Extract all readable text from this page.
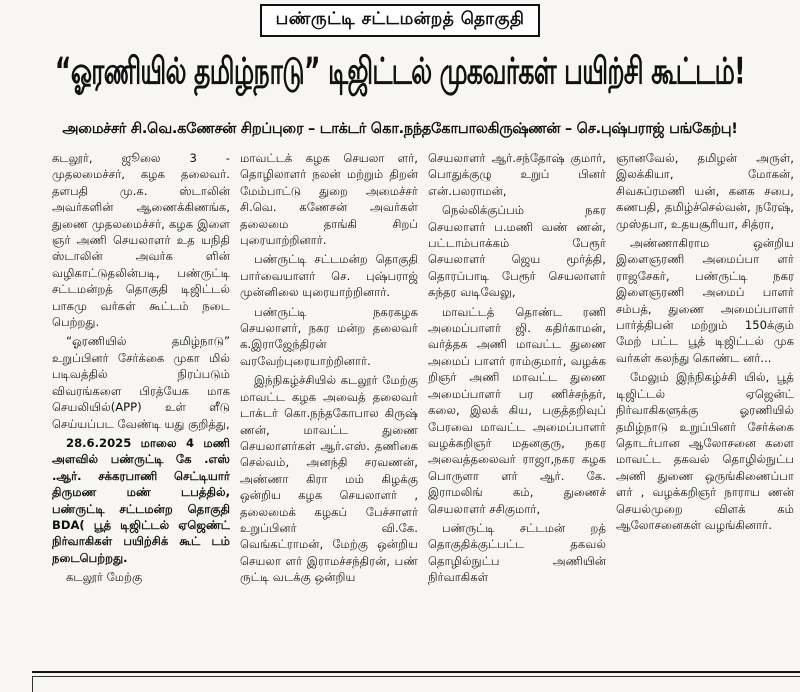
பண்ருட்டி சட்டமன்றத் தொகுதி
“ஓரணியில் தமிழ்நாடு” டிஜிட்டல் முகவர்கள் பயிற்சி கூட்டம்!
அமைச்சர் சி.வெ.கணேசன் சிறப்புரை – டாக்டர் கொ.நந்தகோபாலகிருஷ்ணன் – செ.புஷ்பராஜ் பங்கேற்பு!

கடலூர், ஜூலை 3 - முதலமைச்சர், கழக தலைவர். தளபதி மு.க. ஸ்டாலின் அவர்களின் ஆணைக்கிணங்க, துணை முதலமைச்சர், கழக இளை ஞர் அணி செயலாளர் உத யநிதி ஸ்டாலின் அவர்க ளின் வழிகாட்டுதலின்படி, பண்ருட்டி சட்டமன்றத் தொகுதி டிஜிட்டல் பாகமு வர்கள் கூட்டம் நடை பெற்றது.

“ஓரணியில் தமிழ்நாடு” உறுப்பினர் சேர்க்கை முகா மில் படிவத்தில் நிரப்படும் விவரங்களை பிரத்யேக மாக செயலியில்(APP) உள் ளீடு செய்யப்பட வேண்டி யது குறித்து,

28.6.2025 மாலை 4 மணி அளவில் பண்ருட்டி கே .எஸ் .ஆர். சக்கரபாணி செட்டியார் திருமண மண் டபத்தில், பண்ருட்டி சட்டமன்ற தொகுதி BDA( பூத் டிஜிட்டல் ஏஜெண்ட் நிர்வாகிகள் பயிற்சிக் கூட் டம் நடைபெற்றது.

கடலூர் மேற்கு

மாவட்டக் கழக செயலா ளர், தொழிலாளர் நலன் மற்றும் திறன் மேம்பாட்டு துறை அமைச்சர் சி.வெ. கணேசன் அவர்கள் தலைமை தாங்கி சிறப் புரையாற்றினார்.

பண்ருட்டி சட்டமன்ற தொகுதி பார்வையாளர் செ. புஷ்பராஜ் முன்னிலை யுரையாற்றினார்.

பண்ருட்டி நகரகழக செயலாளர், நகர மன்ற தலைவர் க.இராஜேந்திரன் வரவேற்புரையாற்றினார்.

இந்நிகழ்ச்சியில் கடலூர் மேற்கு மாவட்ட கழக அவைத் தலைவர் டாக்டர் கொ.நந்தகோபால கிருஷ் ணன், மாவட்ட துணை செயலாளர்கள் ஆர்.எஸ். தணிகை செல்வம், அனந்தி சரவணன், அண்ணா கிரா மம் கிழக்கு ஒன்றிய கழக செயலாளர் , தலைமைக் கழகப் பேச்சாளர் உறுப்பினர் வி.கே. வெங்கட்ராமன், மேற்கு ஒன்றிய செயலா ளர் இராமச்சந்திரன், பண் ருட்டி வடக்கு ஒன்றிய

செயலாளர் ஆர்.சந்தோஷ் குமார், பொதுக்குழு உறுப் பினர் என்.பலராமன்,

நெல்லிக்குப்பம் நகர செயலாளர் ப.மணி வண் ணன், பட்டாம்பாக்கம் பேரூர் செயலாளர் ஜெய மூர்த்தி, தொரப்பாடி பேரூர் செயலாளர் சுந்தர வடிவேலு,

மாவட்டத் தொண்ட ரணி அமைப்பாளர் ஜி. கதிர்காமன், வர்த்தக அணி மாவட்ட துணை அமைப் பாளர் ராம்குமார், வழக்க றிஞர் அணி மாவட்ட துணை அமைப்பாளர் பர ணிச்சந்தர், கலை, இலக் கிய, பகுத்தறிவுப் பேரவை மாவட்ட அமைப்பாளர் வழக்கறிஞர் மதனகுரு, நகர அவைத்தலைவர் ராஜா,நகர கழக பொருளா ளர் ஆர். கே. இராமலிங் கம், துணைச் செயலாளர் சசிகுமார்,

பண்ருட்டி சட்டமன் றத் தொகுதிக்குட்பட்ட தகவல் தொழில்நுட்ப அணியின் நிர்வாகிகள்

ஞானவேல், தமிழன் அருள், இலக்கியா, மோகன், சிவசுப்ரமணி யன், கனக சபை, கணபதி, தமிழ்ச்செல்வன், நரேஷ், முஸ்தபா, உதயசூரியா, சித்ரா,

அண்ணாகிராம ஒன்றிய இளைஞரணி அமைப்பா ளர் ராஜசேகர், பண்ருட்டி நகர இளைஞரணி அமைப் பாளர் சம்பத், துணை அமைப்பாளர் பார்த்திபன் மற்றும் 150க்கும் மேற் பட்ட பூத் டிஜிட்டல் முக வர்கள் கலந்து கொண்ட னர்...

மேலும் இந்நிகழ்ச்சி யில், பூத் டிஜிட்டல் ஏஜென்ட் நிர்வாகிகளுக்கு ஓரணியில் தமிழ்நாடு உறுப்பினர் சேர்க்கை தொடர்பான ஆலோசனை களை மாவட்ட தகவல் தொழில்நுட்ப அணி துணை ஒருங்கிணைப்பா ளர் , வழக்கறிஞர் நாராய ணன் செயல்முறை விளக் கம் ஆலோசனைகள் வழங்கினார்.
